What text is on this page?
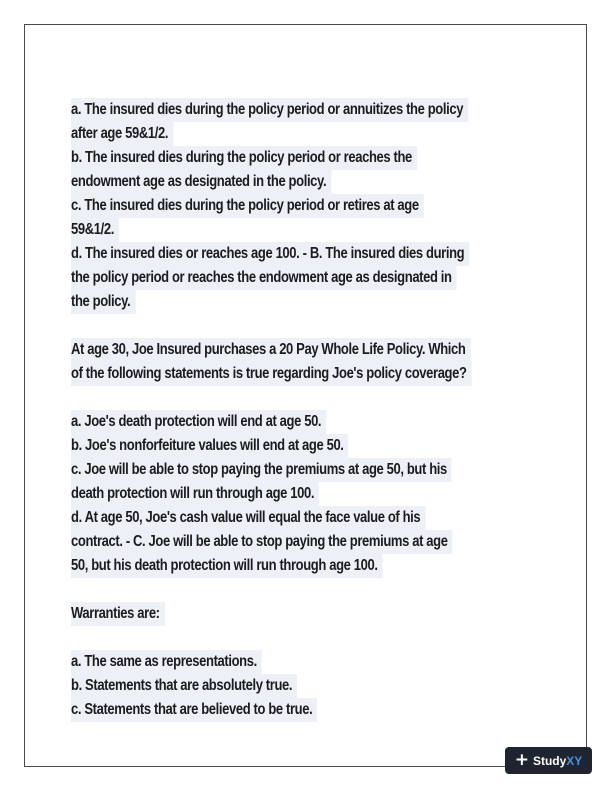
a. The insured dies during the policy period or annuitizes the policy
after age 59&1/2.
b. The insured dies during the policy period or reaches the
endowment age as designated in the policy.
c. The insured dies during the policy period or retires at age
59&1/2.
d. The insured dies or reaches age 100. - B. The insured dies during
the policy period or reaches the endowment age as designated in
the policy.
At age 30, Joe Insured purchases a 20 Pay Whole Life Policy. Which
of the following statements is true regarding Joe's policy coverage?
a. Joe's death protection will end at age 50.
b. Joe's nonforfeiture values will end at age 50.
c. Joe will be able to stop paying the premiums at age 50, but his
death protection will run through age 100.
d. At age 50, Joe's cash value will equal the face value of his
contract. - C. Joe will be able to stop paying the premiums at age
50, but his death protection will run through age 100.
Warranties are:
a. The same as representations.
b. Statements that are absolutely true.
c. Statements that are believed to be true.
+ StudyXY
